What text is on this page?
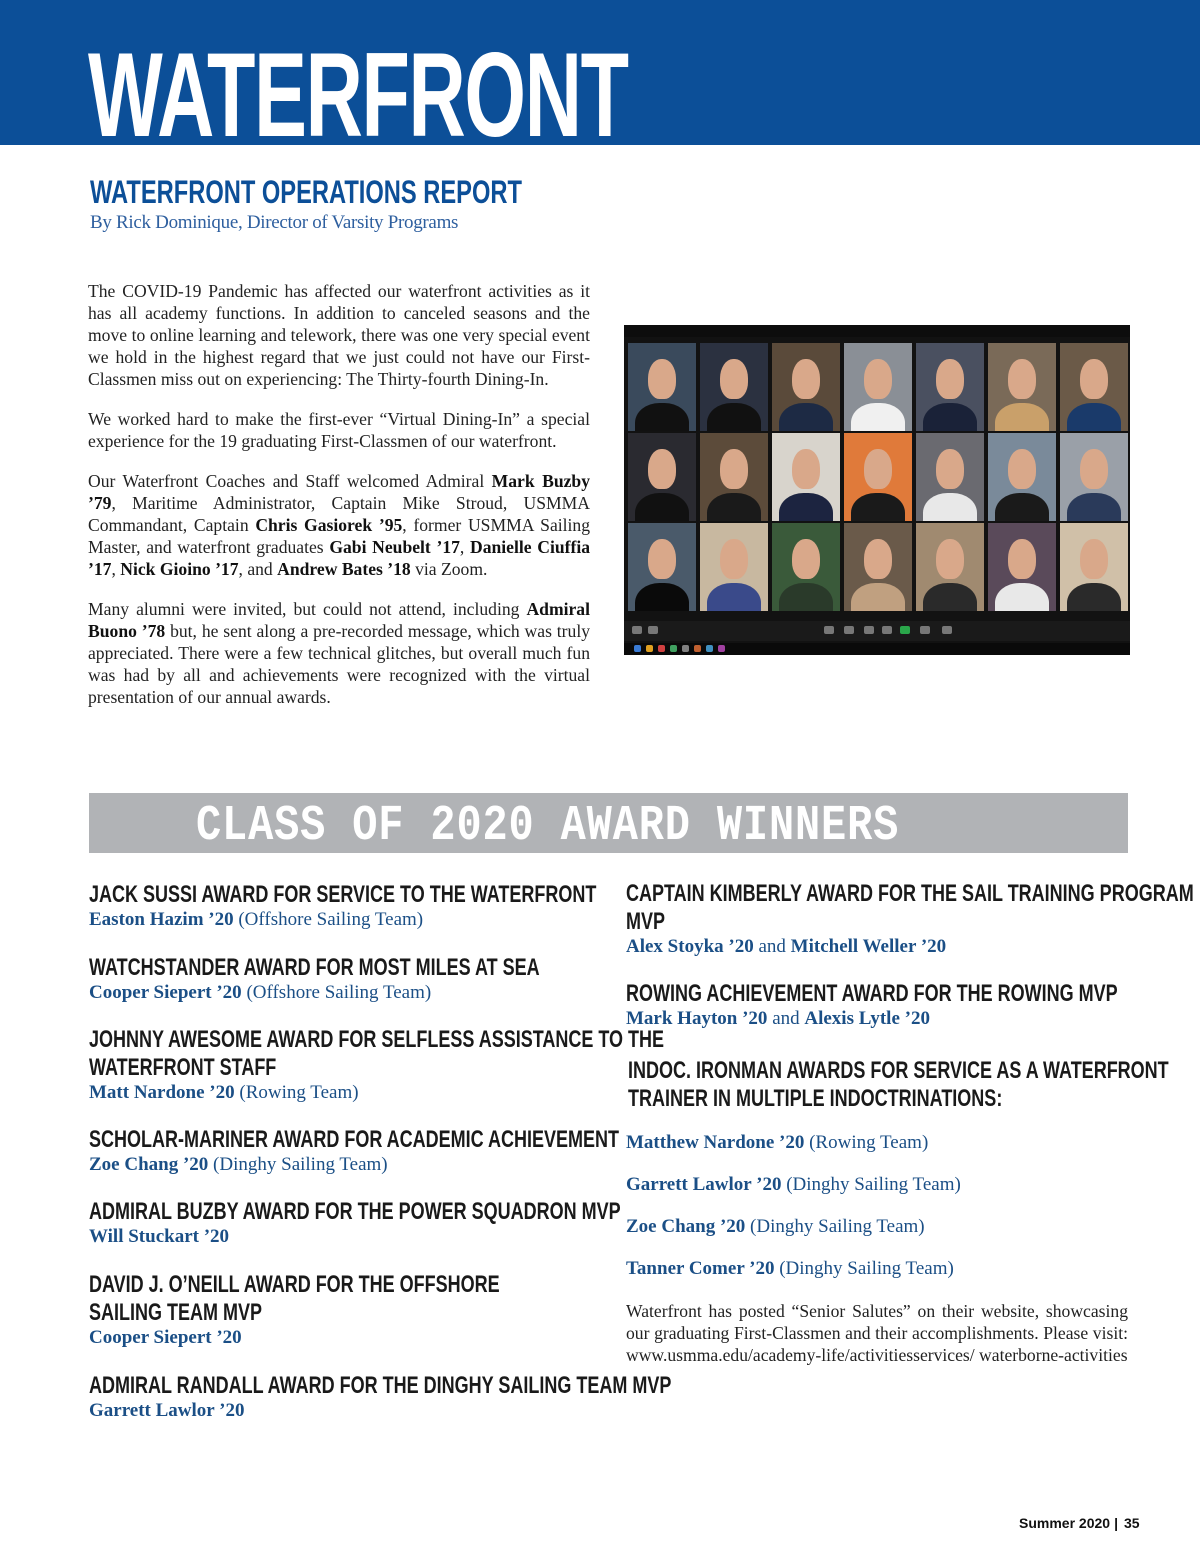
WATERFRONT
WATERFRONT OPERATIONS REPORT
By Rick Dominique, Director of Varsity Programs

The COVID-19 Pandemic has affected our waterfront activities as it has all academy functions. In addition to canceled seasons and the move to online learning and telework, there was one very special event we hold in the highest regard that we just could not have our First-Classmen miss out on experiencing: The Thirty-fourth Dining-In.

We worked hard to make the first-ever “Virtual Dining-In” a special experience for the 19 graduating First-Classmen of our waterfront.

Our Waterfront Coaches and Staff welcomed Admiral Mark Buzby ’79, Maritime Administrator, Captain Mike Stroud, USMMA Commandant, Captain Chris Gasiorek ’95, former USMMA Sailing Master, and waterfront graduates Gabi Neubelt ’17, Danielle Ciuffia ’17, Nick Gioino ’17, and Andrew Bates ’18 via Zoom.

Many alumni were invited, but could not attend, including Admiral Buono ’78 but, he sent along a pre-recorded message, which was truly appreciated. There were a few technical glitches, but overall much fun was had by all and achievements were recognized with the virtual presentation of our annual awards.

CLASS OF 2020 AWARD WINNERS
JACK SUSSI AWARD FOR SERVICE TO THE WATERFRONT
Easton Hazim ’20 (Offshore Sailing Team)
WATCHSTANDER AWARD FOR MOST MILES AT SEA
Cooper Siepert ’20 (Offshore Sailing Team)
JOHNNY AWESOME AWARD FOR SELFLESS ASSISTANCE TO THE
WATERFRONT STAFF
Matt Nardone ’20 (Rowing Team)
SCHOLAR-MARINER AWARD FOR ACADEMIC ACHIEVEMENT
Zoe Chang ’20 (Dinghy Sailing Team)
ADMIRAL BUZBY AWARD FOR THE POWER SQUADRON MVP
Will Stuckart ’20
DAVID J. O’NEILL AWARD FOR THE OFFSHORE
SAILING TEAM MVP
Cooper Siepert ’20
ADMIRAL RANDALL AWARD FOR THE DINGHY SAILING TEAM MVP
Garrett Lawlor ’20
CAPTAIN KIMBERLY AWARD FOR THE SAIL TRAINING PROGRAM
MVP
Alex Stoyka ’20 and Mitchell Weller ’20
ROWING ACHIEVEMENT AWARD FOR THE ROWING MVP
Mark Hayton ’20 and Alexis Lytle ’20
INDOC. IRONMAN AWARDS FOR SERVICE AS A WATERFRONT
TRAINER IN MULTIPLE INDOCTRINATIONS:
Matthew Nardone ’20 (Rowing Team)
Garrett Lawlor ’20 (Dinghy Sailing Team)
Zoe Chang ’20 (Dinghy Sailing Team)
Tanner Comer ’20 (Dinghy Sailing Team)
Waterfront has posted “Senior Salutes” on their website, showcasing our graduating First-Classmen and their accomplishments. Please visit: www.usmma.edu/academy-life/activitiesservices/ waterborne-activities
Summer 2020 | 35
